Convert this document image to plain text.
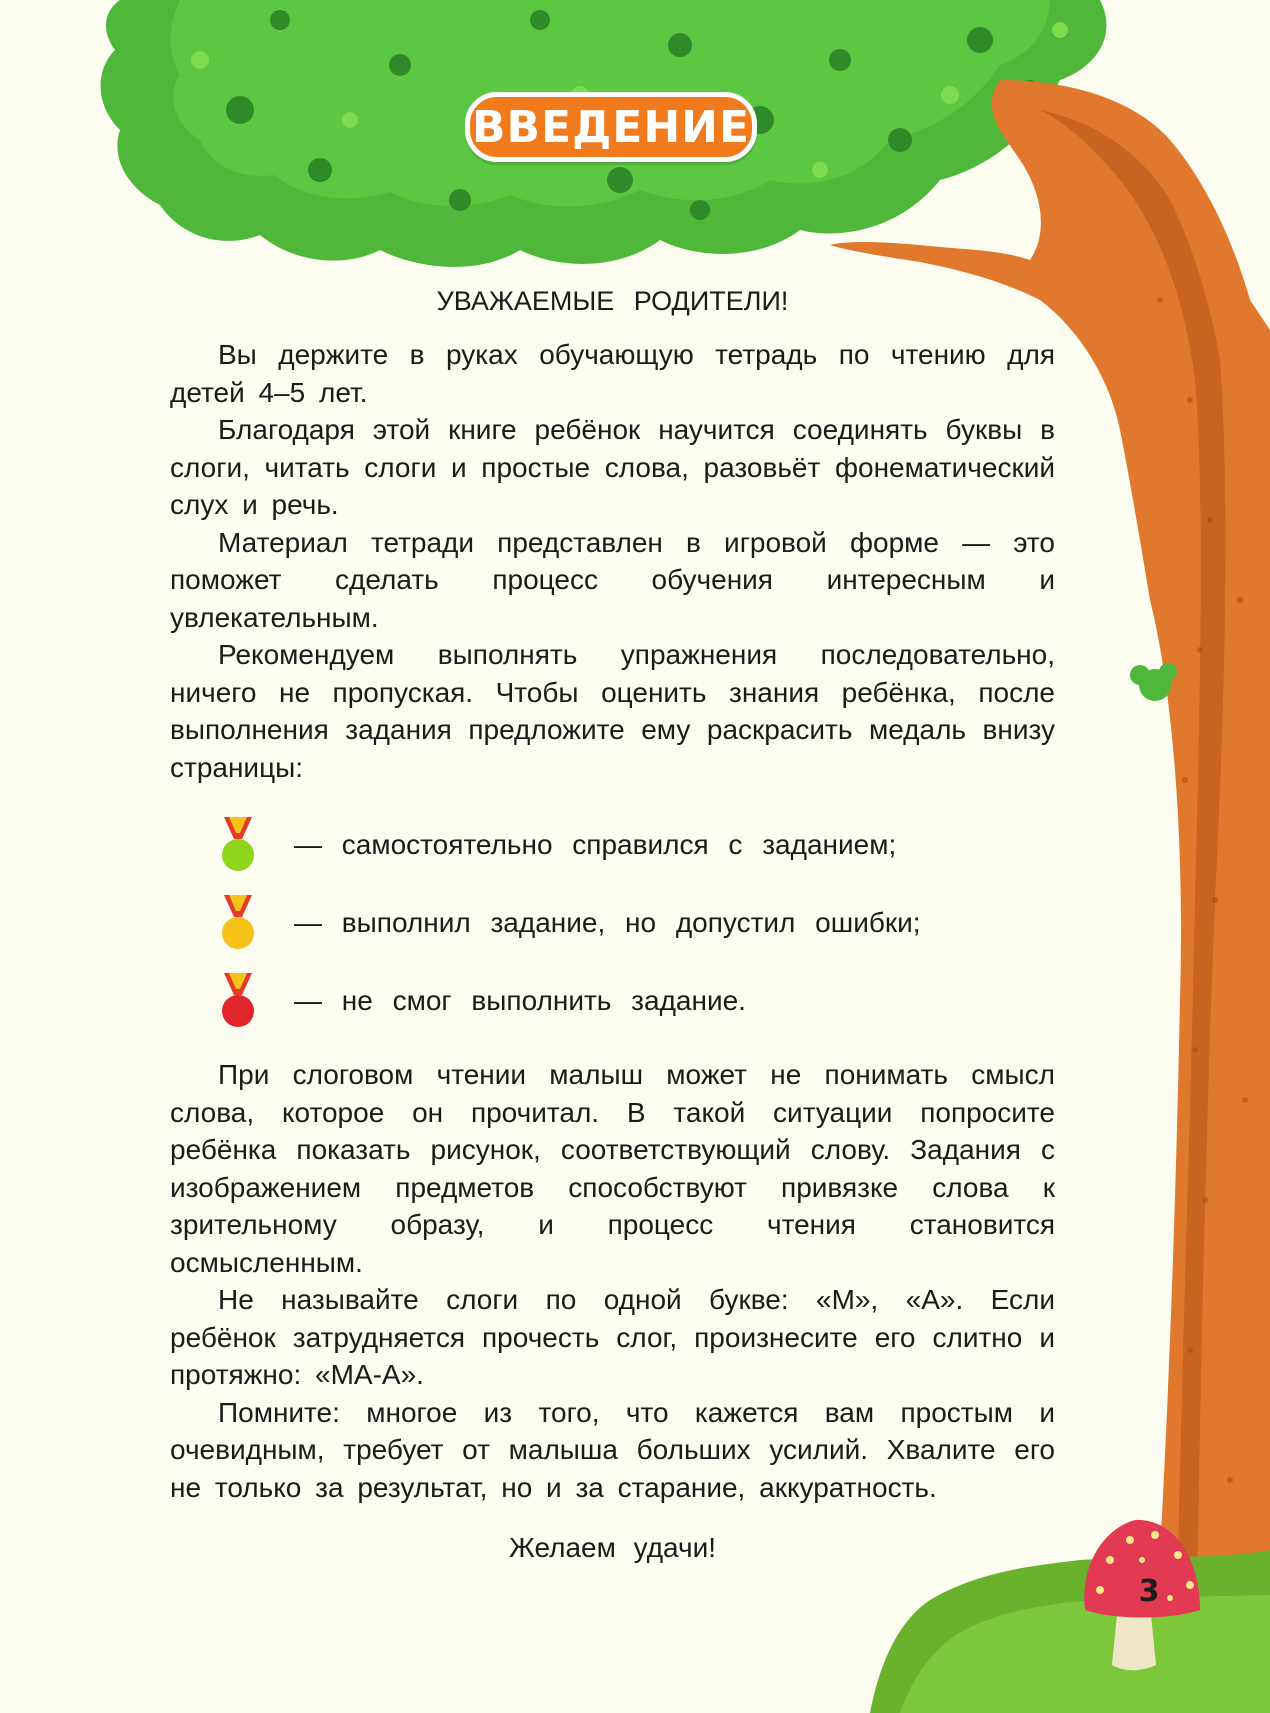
ВВЕДЕНИЕ
УВАЖАЕМЫЕ РОДИТЕЛИ!

Вы держите в руках обучающую тетрадь по чтению для детей 4–5 лет.

Благодаря этой книге ребёнок научится соединять буквы в слоги, читать слоги и простые слова, разовьёт фонематический слух и речь.

Материал тетради представлен в игровой форме — это поможет сделать процесс обучения интересным и увлекательным.

Рекомендуем выполнять упражнения последовательно, ничего не пропуская. Чтобы оценить знания ребёнка, после выполнения задания предложите ему раскрасить медаль внизу страницы:

— самостоятельно справился с заданием;
— выполнил задание, но допустил ошибки;
— не смог выполнить задание.

При слоговом чтении малыш может не понимать смысл слова, которое он прочитал. В такой ситуации попросите ребёнка показать рисунок, соответствующий слову. Задания с изображением предметов способствуют привязке слова к зрительному образу, и процесс чтения становится осмысленным.

Не называйте слоги по одной букве: «М», «А». Если ребёнок затрудняется прочесть слог, произнесите его слитно и протяжно: «МА-А».

Помните: многое из того, что кажется вам простым и очевидным, требует от малыша больших усилий. Хвалите его не только за результат, но и за старание, аккуратность.

Желаем удачи!
3
